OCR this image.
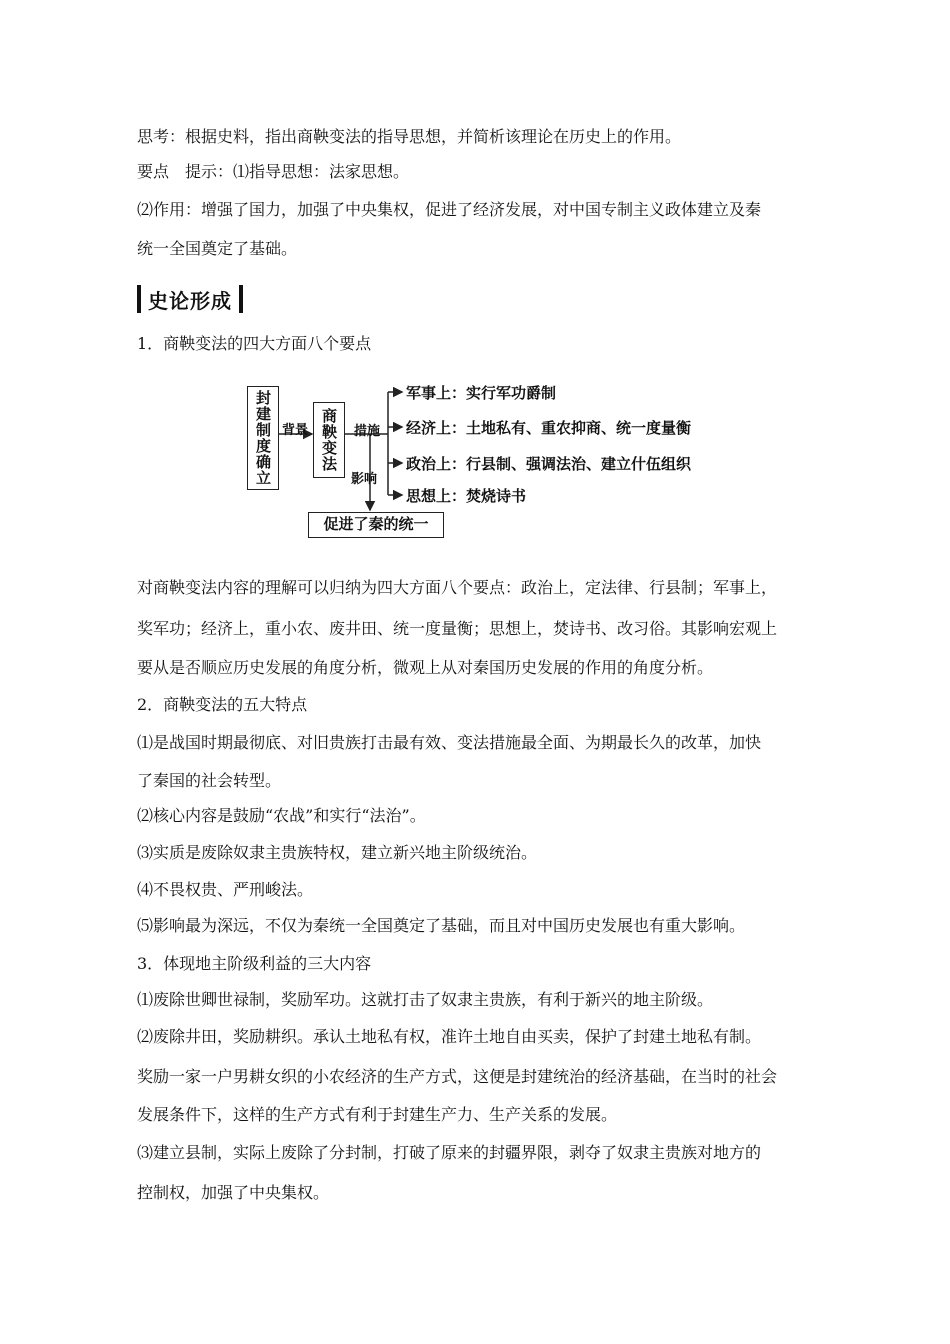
思考：根据史料，指出商鞅变法的指导思想，并简析该理论在历史上的作用。
要点　提示：⑴指导思想：法家思想。
⑵作用：增强了国力，加强了中央集权，促进了经济发展，对中国专制主义政体建立及秦
统一全国奠定了基础。
史论形成
1．商鞅变法的四大方面八个要点
封建制度确立 背景 商鞅变法	措施
影响
军事上：实行军功爵制
经济上：土地私有、重农抑商、统一度量衡
政治上：行县制、强调法治、建立什伍组织
思想上：焚烧诗书
促进了秦的统一
对商鞅变法内容的理解可以归纳为四大方面八个要点：政治上，定法律、行县制；军事上，
奖军功；经济上，重小农、废井田、统一度量衡；思想上，焚诗书、改习俗。其影响宏观上
要从是否顺应历史发展的角度分析，微观上从对秦国历史发展的作用的角度分析。
2．商鞅变法的五大特点
⑴是战国时期最彻底、对旧贵族打击最有效、变法措施最全面、为期最长久的改革，加快
了秦国的社会转型。
⑵核心内容是鼓励“农战”和实行“法治”。
⑶实质是废除奴隶主贵族特权，建立新兴地主阶级统治。
⑷不畏权贵、严刑峻法。
⑸影响最为深远，不仅为秦统一全国奠定了基础，而且对中国历史发展也有重大影响。
3．体现地主阶级利益的三大内容
⑴废除世卿世禄制，奖励军功。这就打击了奴隶主贵族，有利于新兴的地主阶级。
⑵废除井田，奖励耕织。承认土地私有权，准许土地自由买卖，保护了封建土地私有制。
奖励一家一户男耕女织的小农经济的生产方式，这便是封建统治的经济基础，在当时的社会
发展条件下，这样的生产方式有利于封建生产力、生产关系的发展。
⑶建立县制，实际上废除了分封制，打破了原来的封疆界限，剥夺了奴隶主贵族对地方的
控制权，加强了中央集权。
